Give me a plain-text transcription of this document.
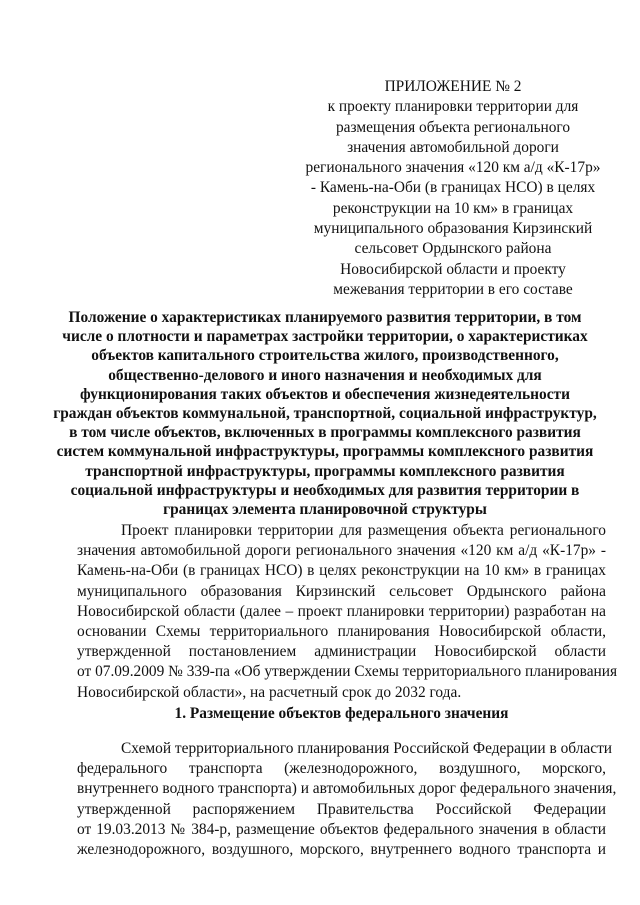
ПРИЛОЖЕНИЕ № 2
к проекту планировки территории для
размещения объекта регионального
значения автомобильной дороги
регионального значения «120 км а/д «К-17р»
- Камень-на-Оби (в границах НСО) в целях
реконструкции на 10 км» в границах
муниципального образования Кирзинский
сельсовет Ордынского района
Новосибирской области и проекту
межевания территории в его составе
Положение о характеристиках планируемого развития территории, в том
числе о плотности и параметрах застройки территории, о характеристиках
объектов капитального строительства жилого, производственного,
общественно-делового и иного назначения и необходимых для
функционирования таких объектов и обеспечения жизнедеятельности
граждан объектов коммунальной, транспортной, социальной инфраструктур,
в том числе объектов, включенных в программы комплексного развития
систем коммунальной инфраструктуры, программы комплексного развития
транспортной инфраструктуры, программы комплексного развития
социальной инфраструктуры и необходимых для развития территории в
границах элемента планировочной структуры
Проект планировки территории для размещения объекта регионального
значения автомобильной дороги регионального значения «120 км а/д «К-17р» -
Камень-на-Оби (в границах НСО) в целях реконструкции на 10 км» в границах
муниципального образования Кирзинский сельсовет Ордынского района
Новосибирской области (далее – проект планировки территории) разработан на
основании Схемы территориального планирования Новосибирской области,
утвержденной постановлением администрации Новосибирской области
от 07.09.2009 № 339-па «Об утверждении Схемы территориального планирования
Новосибирской области», на расчетный срок до 2032 года.
1. Размещение объектов федерального значения
Схемой территориального планирования Российской Федерации в области
федерального транспорта (железнодорожного, воздушного, морского,
внутреннего водного транспорта) и автомобильных дорог федерального значения,
утвержденной распоряжением Правительства Российской Федерации
от 19.03.2013 № 384-р, размещение объектов федерального значения в области
железнодорожного, воздушного, морского, внутреннего водного транспорта и
